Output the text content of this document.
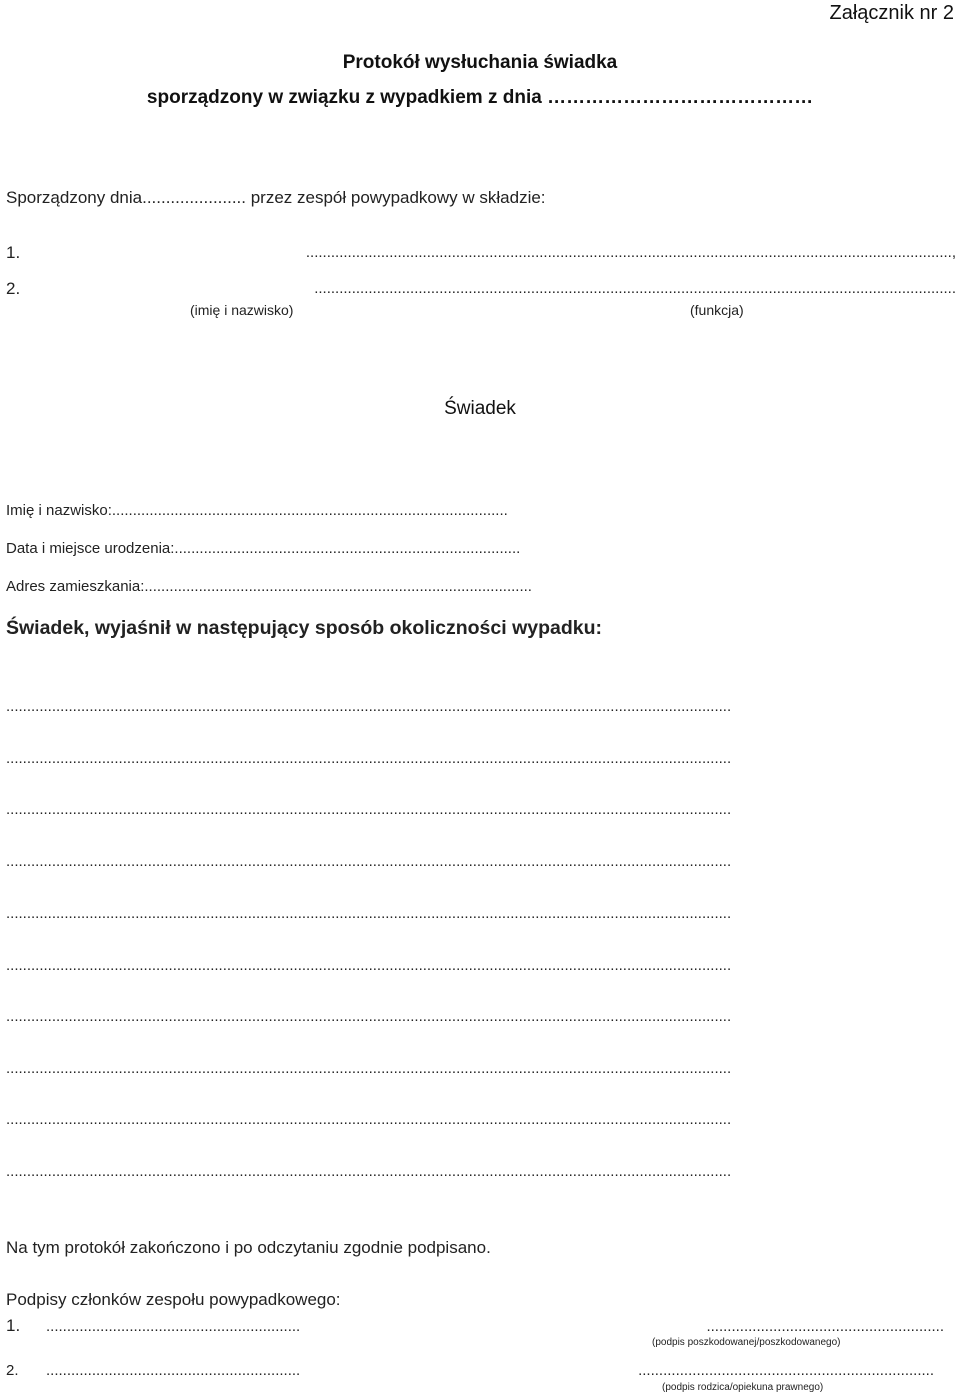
Załącznik nr 2
Protokół wysłuchania świadka
sporządzony w związku z wypadkiem z dnia ……………………………………
Sporządzony dnia...................... przez zespół powypadkowy w składzie:
1.	...........................................................................................................................................................,
2.	..........................................................................................................................................................
(imię i nazwisko)	(funkcja)
Świadek
Imię i nazwisko:...............................................................................................
Data i miejsce urodzenia:...................................................................................
Adres zamieszkania:.............................................................................................
Świadek, wyjaśnił w następujący sposób okoliczności wypadku:
..............................................................................................................................................................................
..............................................................................................................................................................................
..............................................................................................................................................................................
..............................................................................................................................................................................
..............................................................................................................................................................................
..............................................................................................................................................................................
..............................................................................................................................................................................
..............................................................................................................................................................................
..............................................................................................................................................................................
..............................................................................................................................................................................
Na tym protokół zakończono i po odczytaniu zgodnie podpisano.
Podpisy członków zespołu powypadkowego:
1. .............................................................	.........................................................
(podpis poszkodowanej/poszkodowanego)
2. .............................................................	.......................................................................
(podpis rodzica/opiekuna prawnego)
